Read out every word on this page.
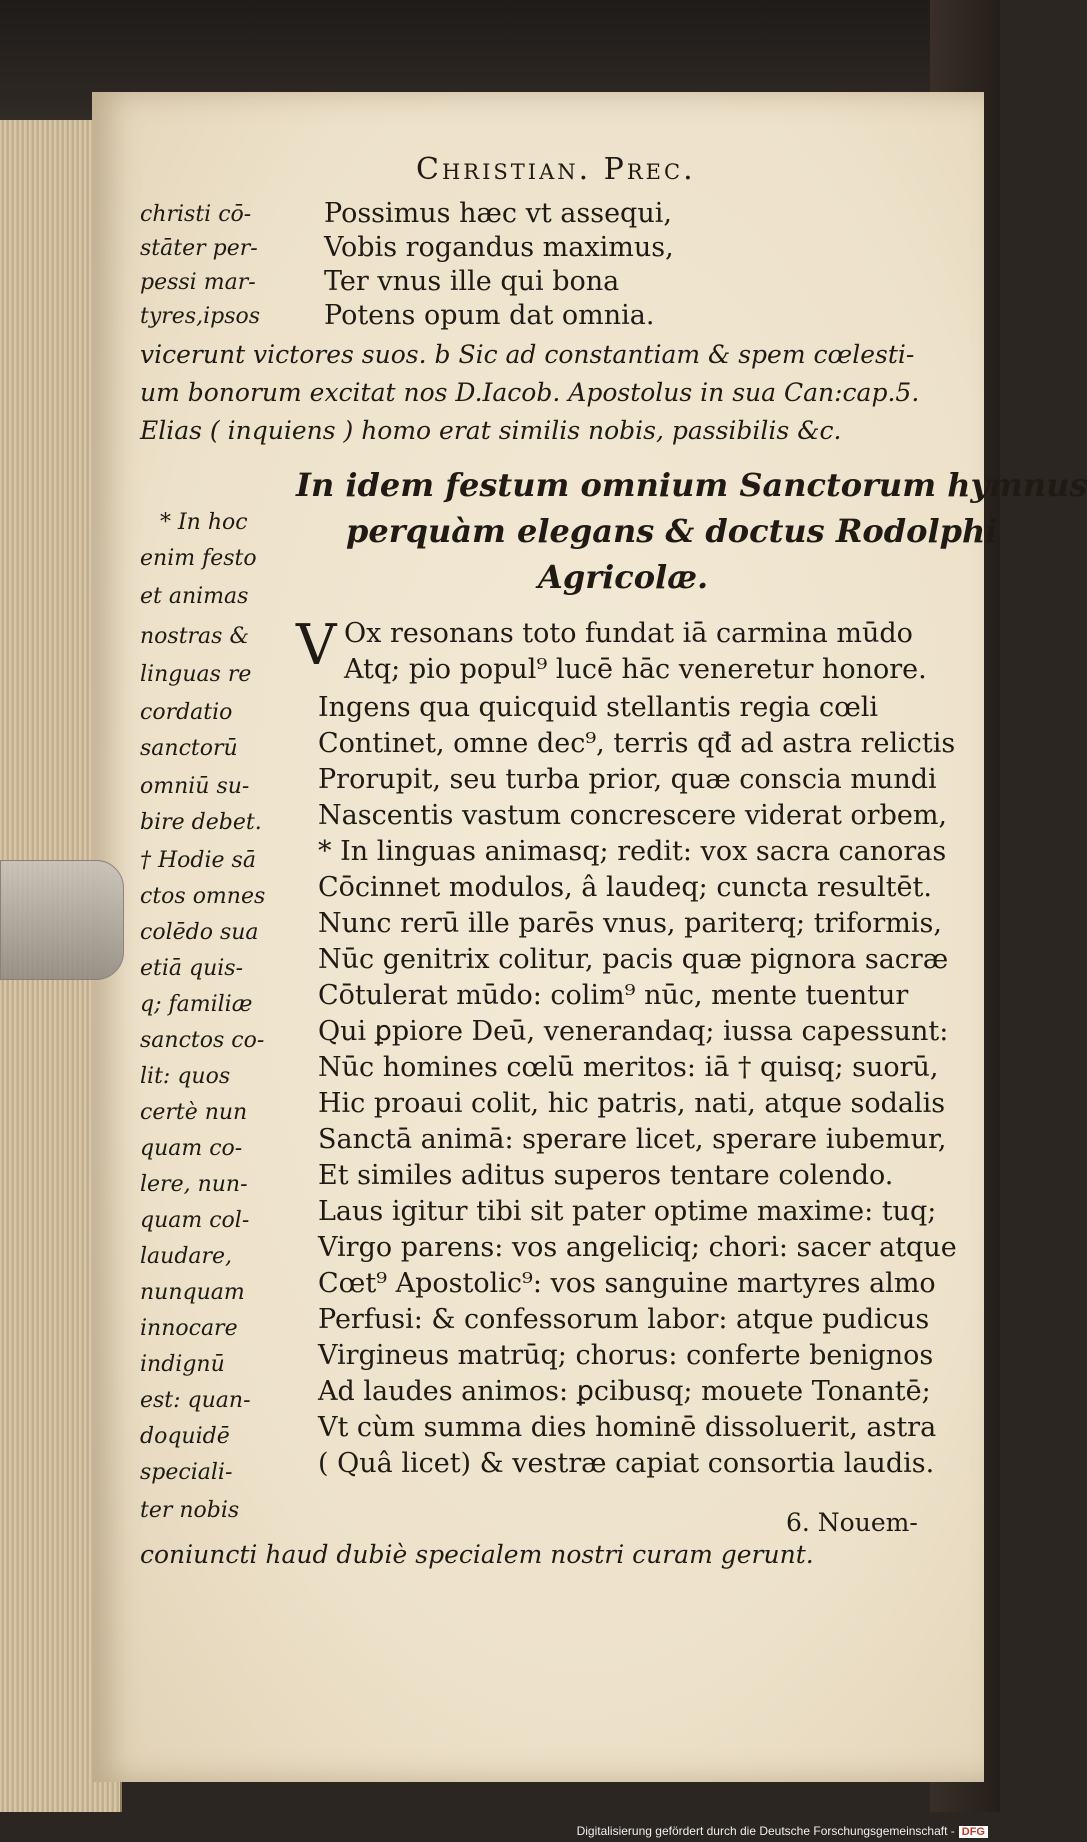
Christian. Prec.
christi cō-
stāter per-
pessi mar-
tyres,ipsos
Possimus hæc vt assequi,
Vobis rogandus maximus,
Ter vnus ille qui bona
Potens opum dat omnia.
vicerunt victores suos. b Sic ad constantiam & spem cœlesti-
um bonorum excitat nos D.Iacob. Apostolus in sua Can:cap.5.
Elias ( inquiens ) homo erat similis nobis, passibilis &c.
In idem festum omnium Sanctorum hymnus
perquàm elegans & doctus Rodolphi
Agricolæ.
* In hoc
enim festo
et animas
nostras &
linguas re
cordatio
sanctorū
omniū su-
bire debet.
† Hodie sā
ctos omnes
colēdo sua
etiā quis-
q; familiæ
sanctos co-
lit: quos
certè nun
quam co-
lere, nun-
quam col-
laudare,
nunquam
innocare
indignū
est: quan-
doquidē
speciali-
ter nobis
V Ox resonans toto fundat iā carmina mūdo
Atq; pio popul⁹ lucē hāc veneretur honore.
Ingens qua quicquid stellantis regia cœli
Continet, omne dec⁹, terris qđ ad astra relictis
Prorupit, seu turba prior, quæ conscia mundi
Nascentis vastum concrescere viderat orbem,
* In linguas animasq; redit: vox sacra canoras
Cōcinnet modulos, â laudeq; cuncta resultēt.
Nunc rerū ille parēs vnus, pariterq; triformis,
Nūc genitrix colitur, pacis quæ pignora sacræ
Cōtulerat mūdo: colim⁹ nūc, mente tuentur
Qui ꝑpiore Deū, venerandaq; iussa capessunt:
Nūc homines cœlū meritos: iā † quisq; suorū,
Hic proaui colit, hic patris, nati, atque sodalis
Sanctā animā: sperare licet, sperare iubemur,
Et similes aditus superos tentare colendo.
Laus igitur tibi sit pater optime maxime: tuq;
Virgo parens: vos angeliciq; chori: sacer atque
Cœt⁹ Apostolic⁹: vos sanguine martyres almo
Perfusi: & confessorum labor: atque pudicus
Virgineus matrūq; chorus: conferte benignos
Ad laudes animos: ꝑcibusq; mouete Tonantē;
Vt cùm summa dies hominē dissoluerit, astra
( Quâ licet) & vestræ capiat consortia laudis.
6. Nouem-
coniuncti haud dubiè specialem nostri curam gerunt.
Digitalisierung gefördert durch die Deutsche Forschungsgemeinschaft - DFG
